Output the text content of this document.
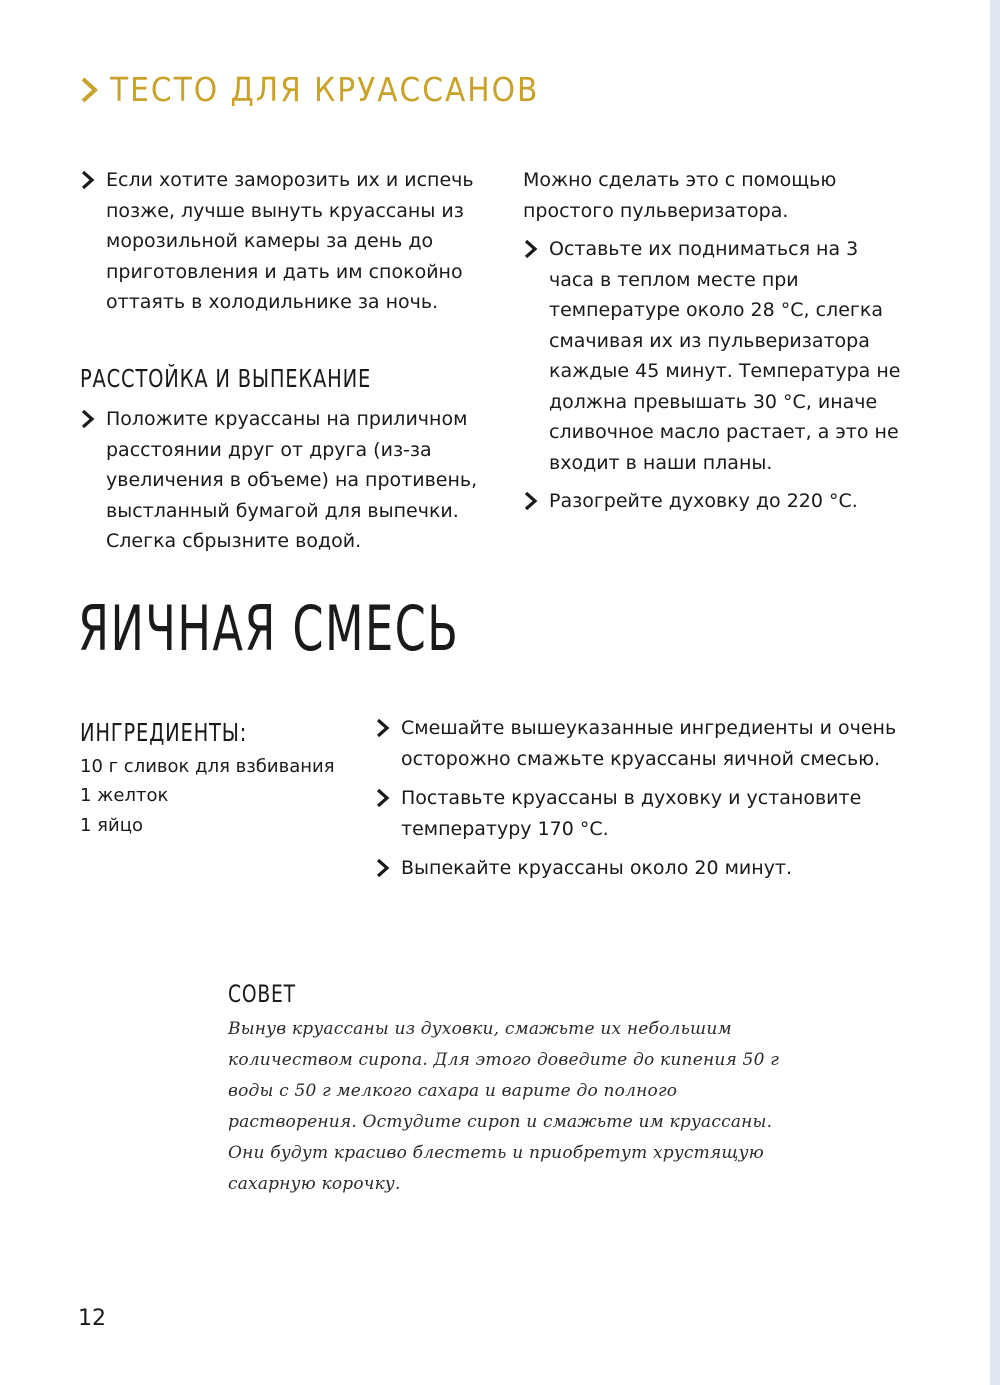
ТЕСТО ДЛЯ КРУАССАНОВ

Если хотите заморозить их и испечь позже, лучше вынуть круассаны из морозильной камеры за день до приготовления и дать им спокойно оттаять в холодильнике за ночь.

РАССТОЙКА И ВЫПЕКАНИЕ

Положите круассаны на приличном расстоянии друг от друга (из-за увеличения в объеме) на противень, выстланный бумагой для выпечки. Слегка сбрызните водой.

Можно сделать это с помощью простого пульверизатора.

Оставьте их подниматься на 3 часа в теплом месте при температуре около 28 °C, слегка смачивая их из пульверизатора каждые 45 минут. Температура не должна превышать 30 °C, иначе сливочное масло растает, а это не входит в наши планы.

Разогрейте духовку до 220 °C.

ЯИЧНАЯ СМЕСЬ
ИНГРЕДИЕНТЫ:
10 г сливок для взбивания
1 желток
1 яйцо

Смешайте вышеуказанные ингредиенты и очень осторожно смажьте круассаны яичной смесью.

Поставьте круассаны в духовку и установите температуру 170 °C.

Выпекайте круассаны около 20 минут.

СОВЕТ

Вынув круассаны из духовки, смажьте их небольшим количеством сиропа. Для этого доведите до кипения 50 г воды с 50 г мелкого сахара и варите до полного растворения. Остудите сироп и смажьте им круассаны. Они будут красиво блестеть и приобретут хрустящую сахарную корочку.

12
